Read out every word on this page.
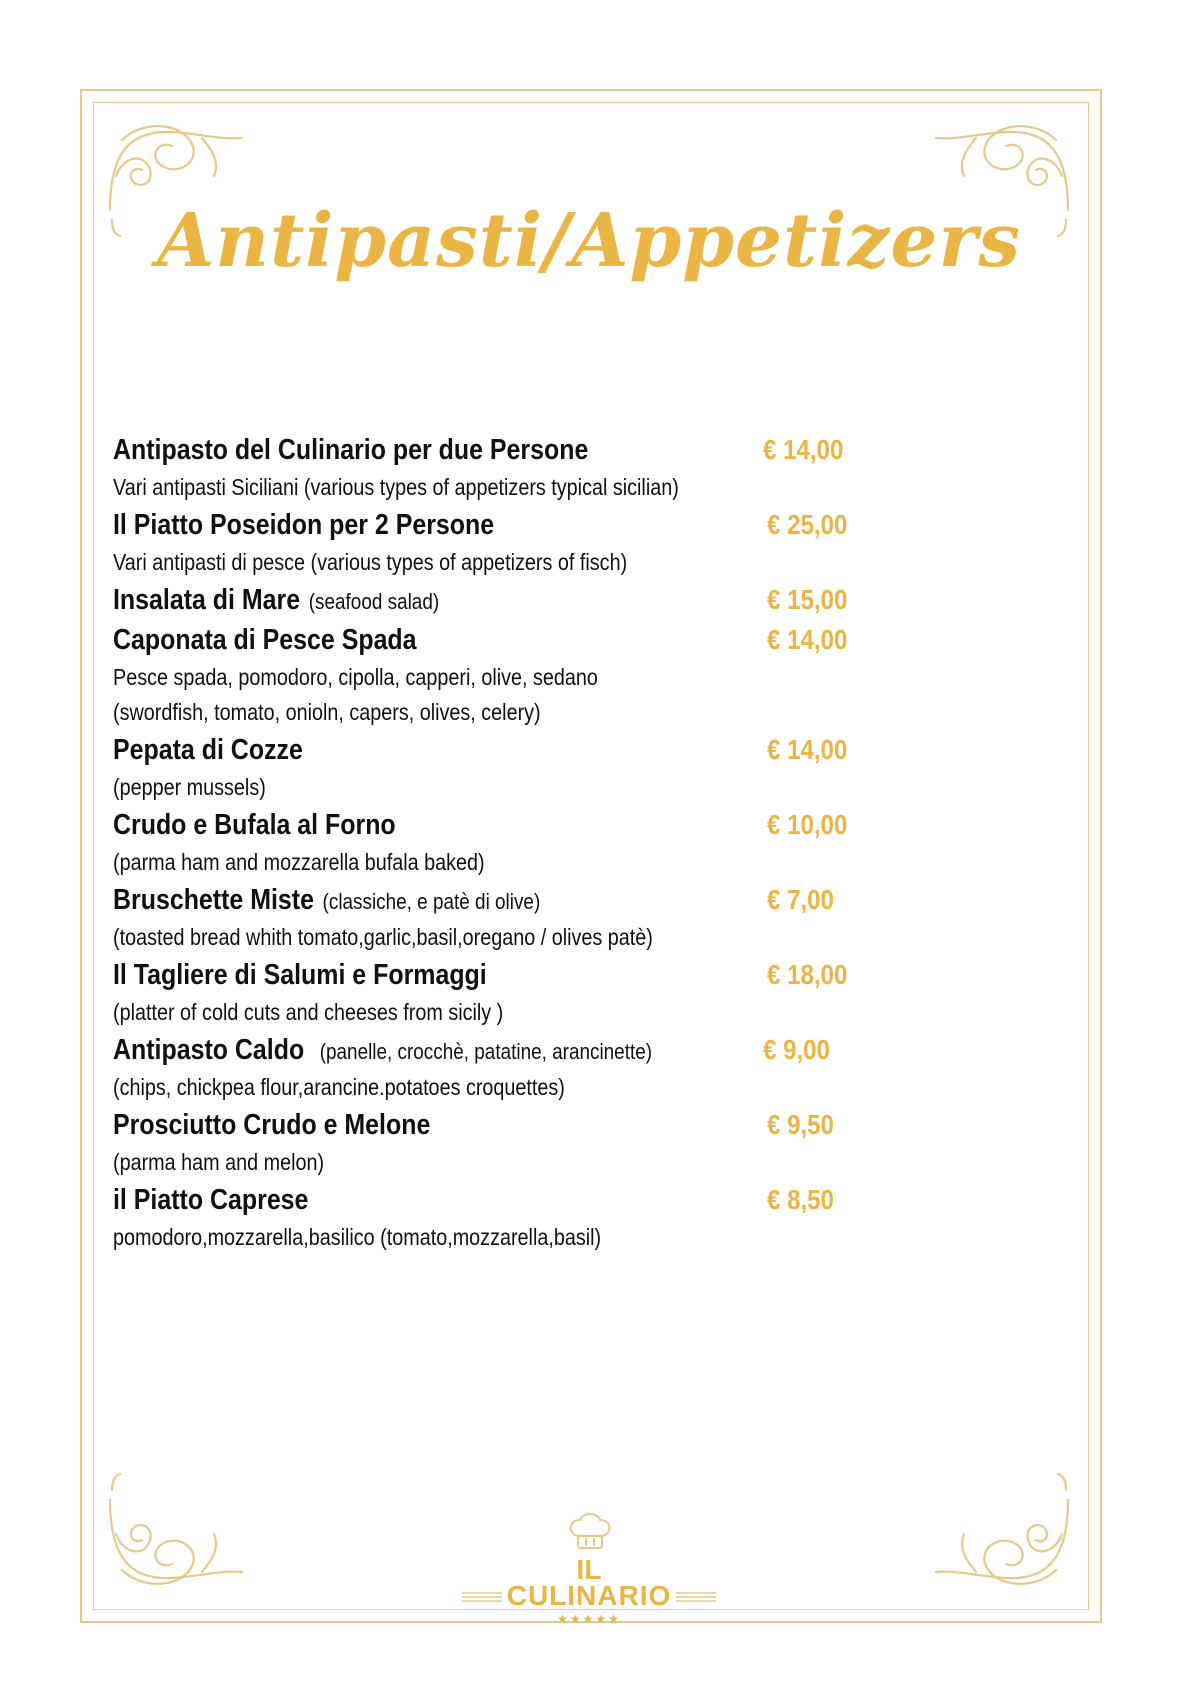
Antipasti/Appetizers
Antipasto del Culinario per due Persone	€ 14,00
Vari antipasti Siciliani (various types of appetizers typical sicilian)
Il Piatto Poseidon per 2 Persone	€ 25,00
Vari antipasti di pesce (various types of appetizers of fisch)
Insalata di Mare (seafood salad)	€ 15,00
Caponata di Pesce Spada	€ 14,00
Pesce spada, pomodoro, cipolla, capperi, olive, sedano
(swordfish, tomato, onioln, capers, olives, celery)
Pepata di Cozze	€ 14,00
(pepper mussels)
Crudo e Bufala al Forno	€ 10,00
(parma ham and mozzarella bufala baked)
Bruschette Miste (classiche, e patè di olive)	€ 7,00
(toasted bread whith tomato,garlic,basil,oregano / olives patè)
Il Tagliere di Salumi e Formaggi	€ 18,00
(platter of cold cuts and cheeses from sicily )
Antipasto Caldo (panelle, crocchè, patatine, arancinette)	€ 9,00
(chips, chickpea flour,arancine.potatoes croquettes)
Prosciutto Crudo e Melone	€ 9,50
(parma ham and melon)
il Piatto Caprese	€ 8,50
pomodoro,mozzarella,basilico (tomato,mozzarella,basil)
IL
CULINARIO
★★★★★
